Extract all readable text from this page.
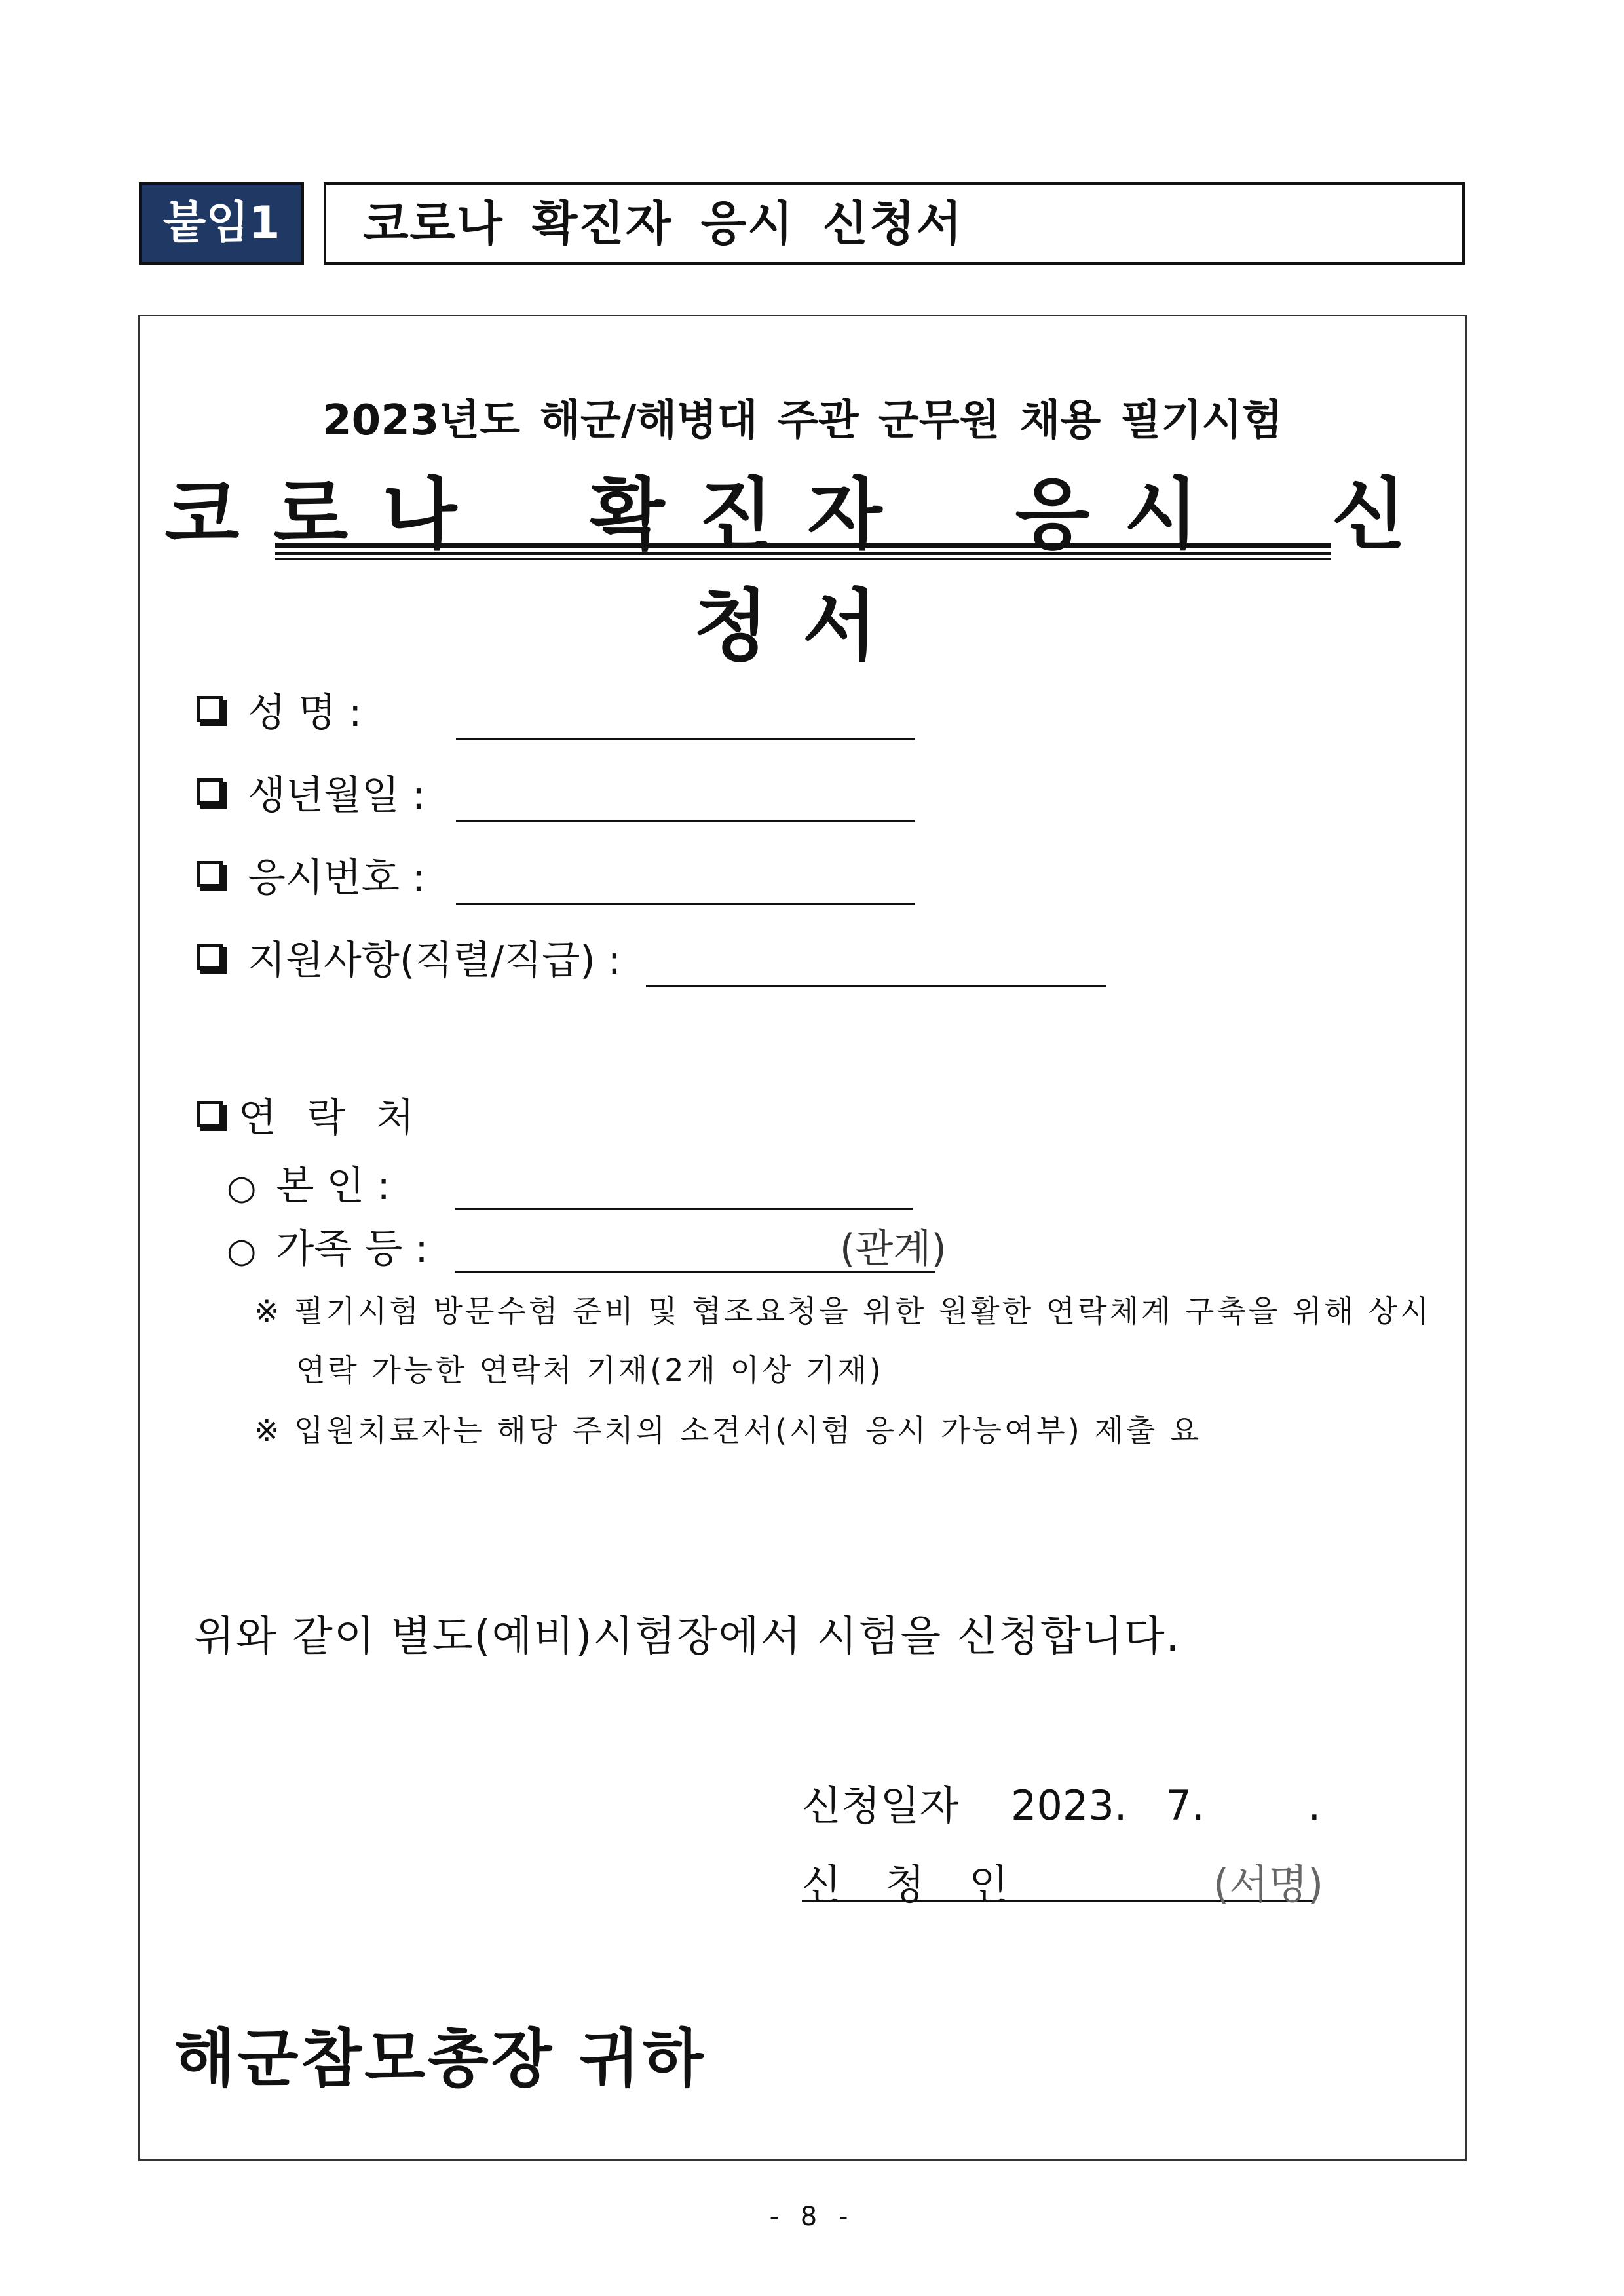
붙임1	코로나 확진자 응시 신청서
2023년도 해군/해병대 주관 군무원 채용 필기시험
코로나 확진자 응시 신청서
성 명 :
생년월일 :
응시번호 :
지원사항(직렬/직급) :
연 락 처
○ 본 인 :
○ 가족 등 :	(관계)
※ 필기시험 방문수험 준비 및 협조요청을 위한 원활한 연락체계 구축을 위해 상시
연락 가능한 연락처 기재(2개 이상 기재)
※ 입원치료자는 해당 주치의 소견서(시험 응시 가능여부) 제출 요
위와 같이 별도(예비)시험장에서 시험을 신청합니다.
신청일자 2023.   7.        .
신 청 인	(서명)
해군참모총장 귀하
- 8 -
